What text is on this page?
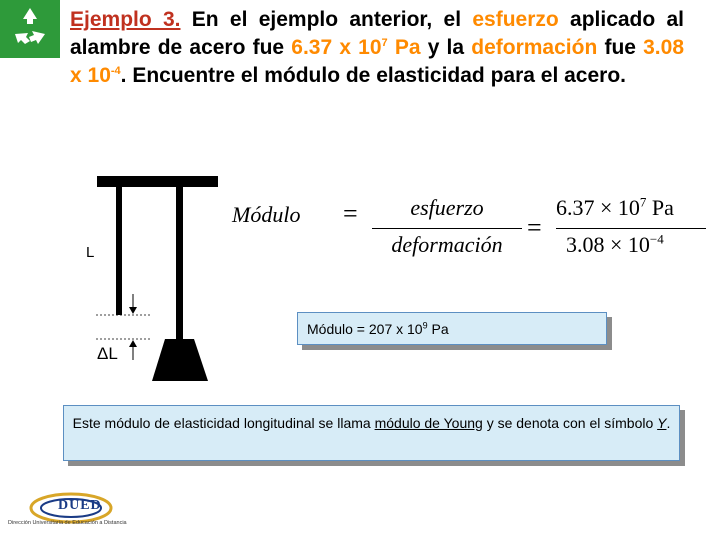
DUED
Dirección Universitaria de Educación a Distancia
Ejemplo 3. En el ejemplo anterior, el esfuerzo aplicado al alambre de acero fue 6.37 x $10^7$ Pa y la deformación fue 3.08 x $10^{-4}$. Encuentre el módulo de elasticidad para el acero.
L
ΔL
Módulo =	esfuerzo
deformación
=
$6.37 \times 10^7$ Pa
$3.08 \times 10^{-4}$
Módulo = 207 x $10^9$ Pa
Este módulo de elasticidad longitudinal se llama módulo de Young y se denota con el símbolo Y.
